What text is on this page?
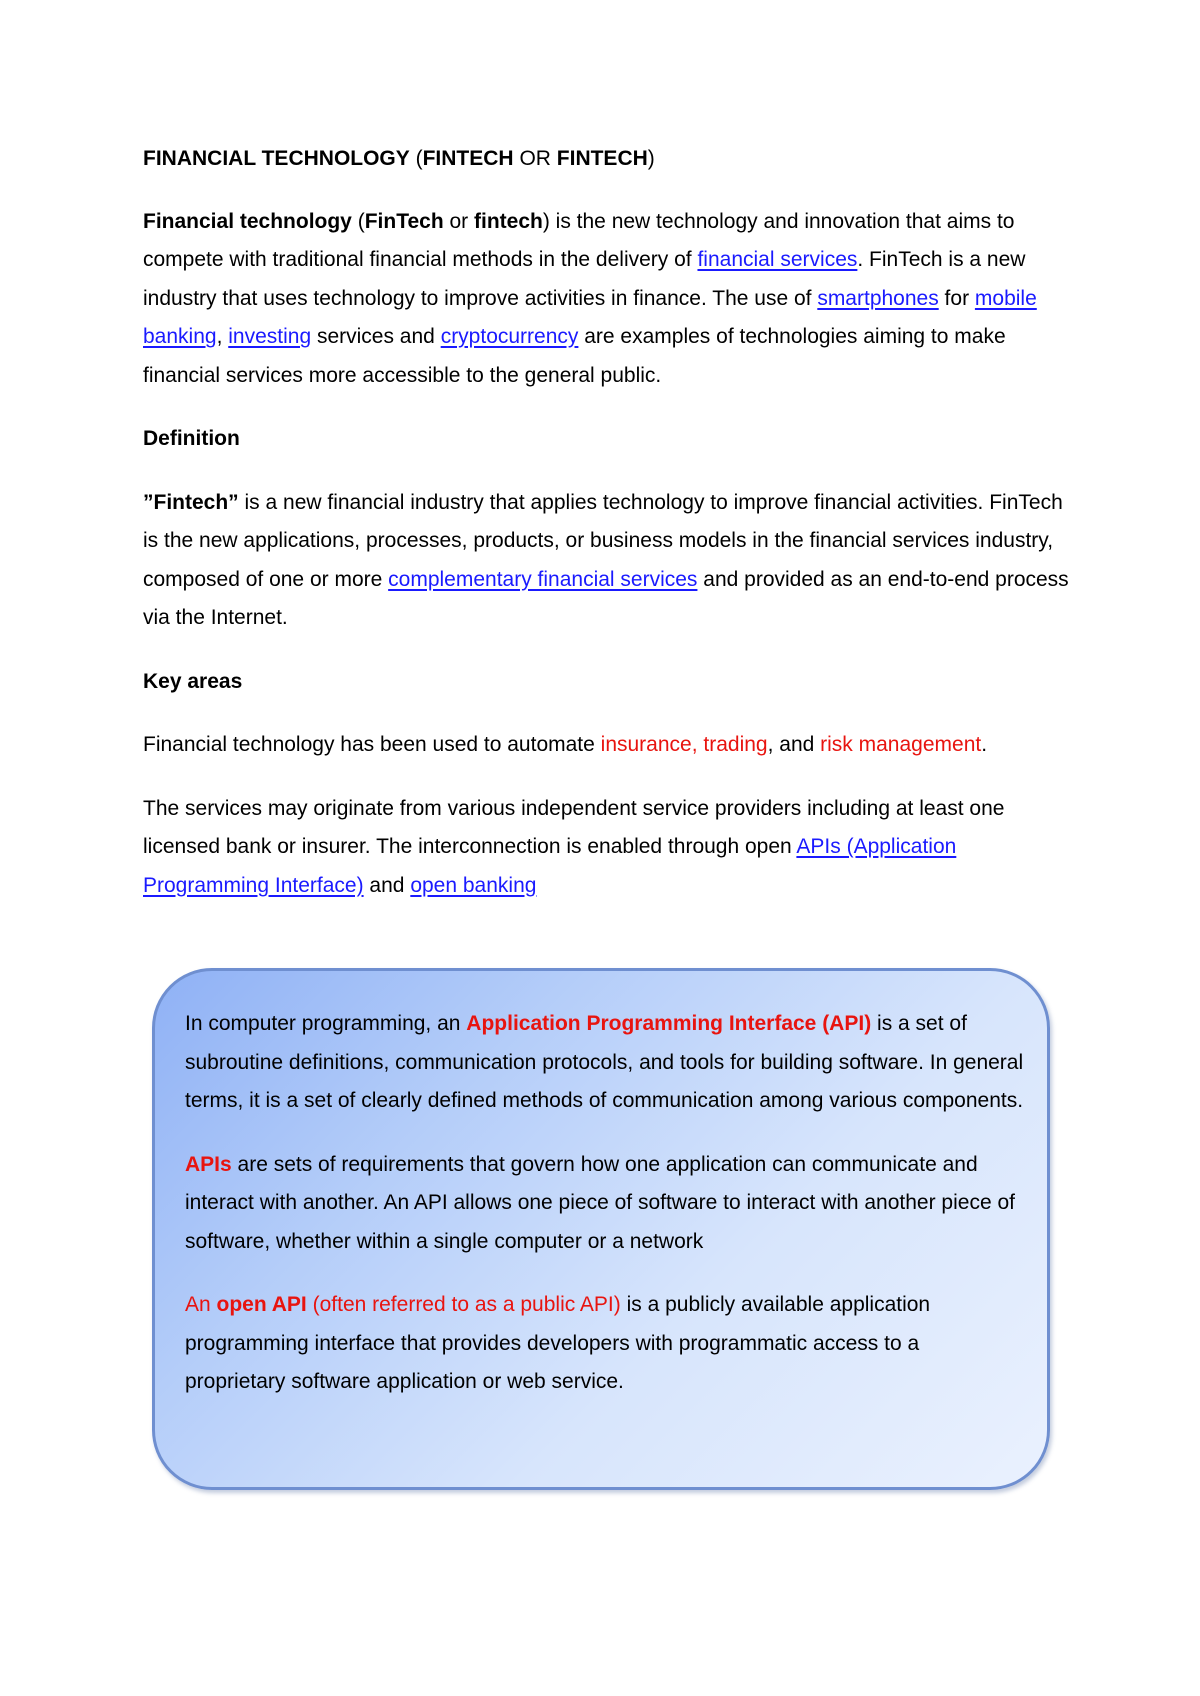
FINANCIAL TECHNOLOGY (FINTECH OR FINTECH)

Financial technology (FinTech or fintech) is the new technology and innovation that aims to compete with traditional financial methods in the delivery of financial services. FinTech is a new industry that uses technology to improve activities in finance. The use of smartphones for mobile banking, investing services and cryptocurrency are examples of technologies aiming to make financial services more accessible to the general public.

Definition

”Fintech” is a new financial industry that applies technology to improve financial activities. FinTech is the new applications, processes, products, or business models in the financial services industry, composed of one or more complementary financial services and provided as an end-to-end process via the Internet.

Key areas

Financial technology has been used to automate insurance, trading, and risk management.

The services may originate from various independent service providers including at least one licensed bank or insurer. The interconnection is enabled through open APIs (Application Programming Interface) and open banking

In computer programming, an Application Programming Interface (API) is a set of subroutine definitions, communication protocols, and tools for building software. In general terms, it is a set of clearly defined methods of communication among various components.

APIs are sets of requirements that govern how one application can communicate and interact with another. An API allows one piece of software to interact with another piece of software, whether within a single computer or a network

An open API (often referred to as a public API) is a publicly available application programming interface that provides developers with programmatic access to a proprietary software application or web service.
